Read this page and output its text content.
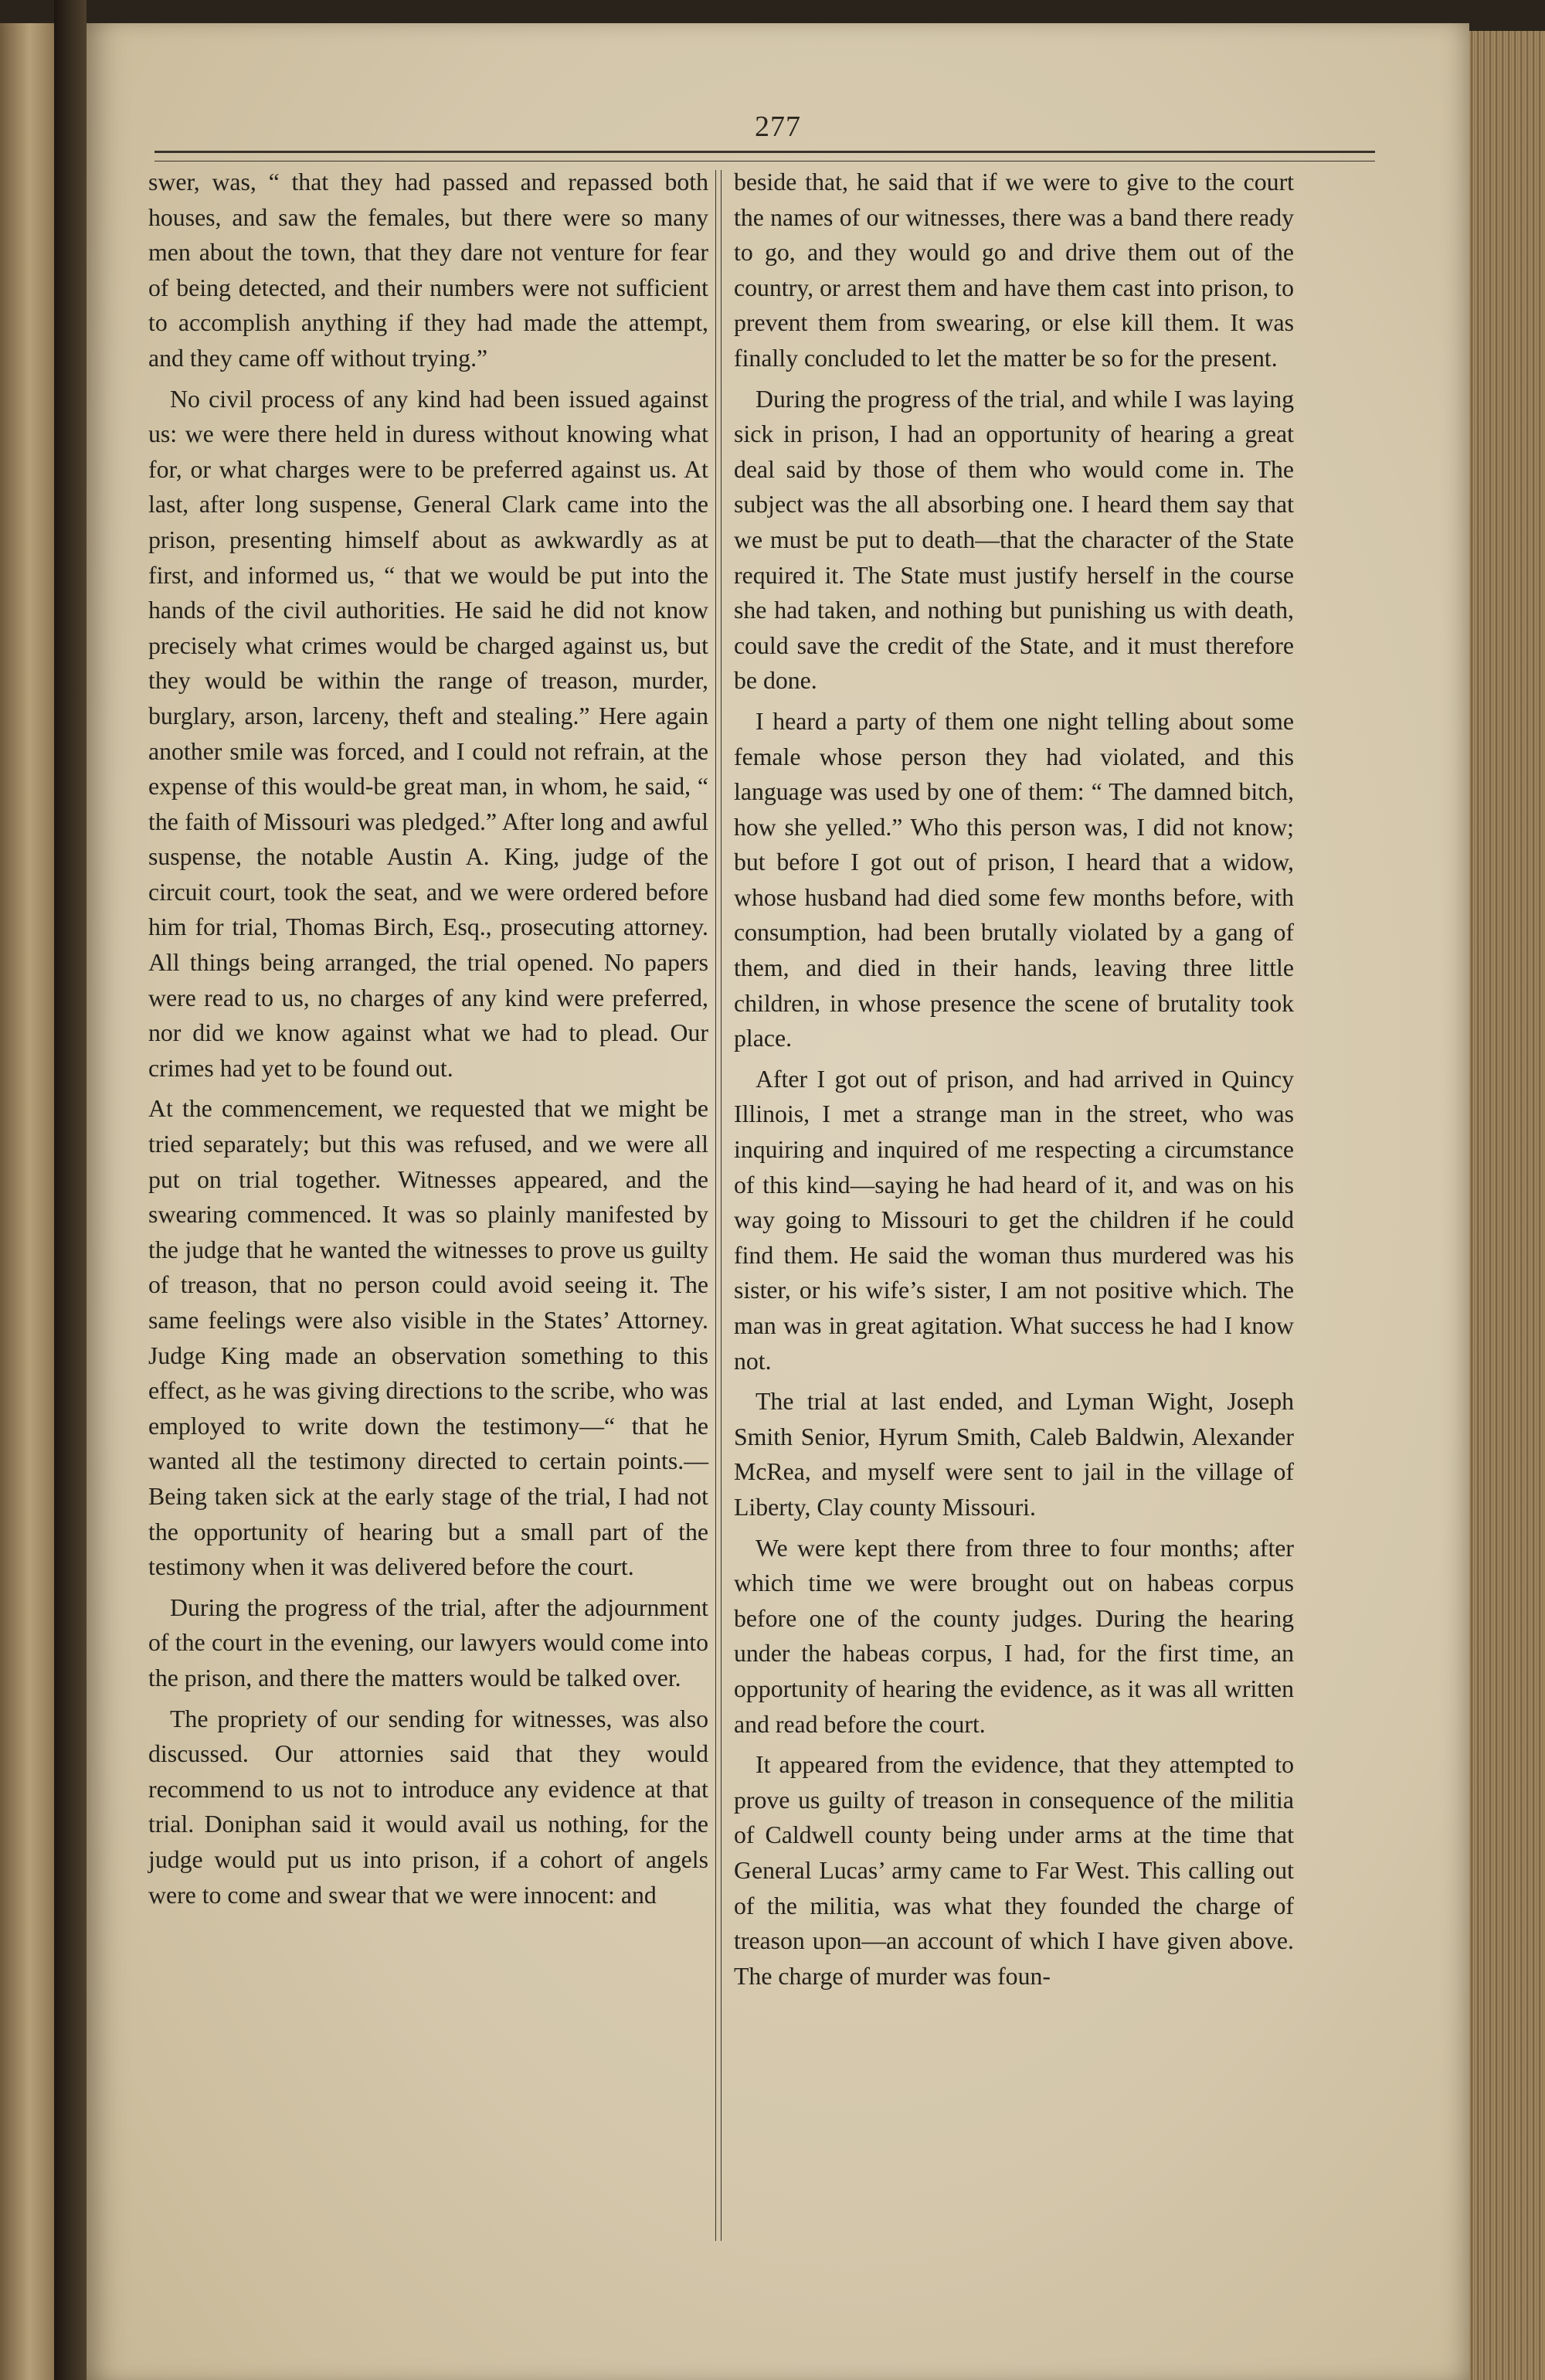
277

swer, was, “ that they had passed and repassed both houses, and saw the females, but there were so many men about the town, that they dare not venture for fear of being detected, and their numbers were not sufficient to accomplish anything if they had made the attempt, and they came off without trying.”

No civil process of any kind had been issued against us: we were there held in duress without knowing what for, or what charges were to be preferred against us. At last, after long suspense, General Clark came into the prison, presenting himself about as awkwardly as at first, and informed us, “ that we would be put into the hands of the civil authorities. He said he did not know precisely what crimes would be charged against us, but they would be within the range of treason, murder, burglary, arson, larceny, theft and stealing.” Here again another smile was forced, and I could not refrain, at the expense of this would-be great man, in whom, he said, “ the faith of Missouri was pledged.” After long and awful suspense, the notable Austin A. King, judge of the circuit court, took the seat, and we were ordered before him for trial, Thomas Birch, Esq., prosecuting attorney. All things being arranged, the trial opened. No papers were read to us, no charges of any kind were preferred, nor did we know against what we had to plead. Our crimes had yet to be found out.

At the commencement, we requested that we might be tried separately; but this was refused, and we were all put on trial together. Witnesses appeared, and the swearing commenced. It was so plainly manifested by the judge that he wanted the witnesses to prove us guilty of treason, that no person could avoid seeing it. The same feelings were also visible in the States’ Attorney. Judge King made an observation something to this effect, as he was giving directions to the scribe, who was employed to write down the testimony—“ that he wanted all the testimony directed to certain points.—Being taken sick at the early stage of the trial, I had not the opportunity of hearing but a small part of the testimony when it was delivered before the court.

During the progress of the trial, after the adjournment of the court in the evening, our lawyers would come into the prison, and there the matters would be talked over.

The propriety of our sending for witnesses, was also discussed. Our attornies said that they would recommend to us not to introduce any evidence at that trial. Doniphan said it would avail us nothing, for the judge would put us into prison, if a cohort of angels were to come and swear that we were innocent: and

beside that, he said that if we were to give to the court the names of our witnesses, there was a band there ready to go, and they would go and drive them out of the country, or arrest them and have them cast into prison, to prevent them from swearing, or else kill them. It was finally concluded to let the matter be so for the present.

During the progress of the trial, and while I was laying sick in prison, I had an opportunity of hearing a great deal said by those of them who would come in. The subject was the all absorbing one. I heard them say that we must be put to death—that the character of the State required it. The State must justify herself in the course she had taken, and nothing but punishing us with death, could save the credit of the State, and it must therefore be done.

I heard a party of them one night telling about some female whose person they had violated, and this language was used by one of them: “ The damned bitch, how she yelled.” Who this person was, I did not know; but before I got out of prison, I heard that a widow, whose husband had died some few months before, with consumption, had been brutally violated by a gang of them, and died in their hands, leaving three little children, in whose presence the scene of brutality took place.

After I got out of prison, and had arrived in Quincy Illinois, I met a strange man in the street, who was inquiring and inquired of me respecting a circumstance of this kind—saying he had heard of it, and was on his way going to Missouri to get the children if he could find them. He said the woman thus murdered was his sister, or his wife’s sister, I am not positive which. The man was in great agitation. What success he had I know not.

The trial at last ended, and Lyman Wight, Joseph Smith Senior, Hyrum Smith, Caleb Baldwin, Alexander McRea, and myself were sent to jail in the village of Liberty, Clay county Missouri.

We were kept there from three to four months; after which time we were brought out on habeas corpus before one of the county judges. During the hearing under the habeas corpus, I had, for the first time, an opportunity of hearing the evidence, as it was all written and read before the court.

It appeared from the evidence, that they attempted to prove us guilty of treason in consequence of the militia of Caldwell county being under arms at the time that General Lucas’ army came to Far West. This calling out of the militia, was what they founded the charge of treason upon—an account of which I have given above. The charge of murder was foun-
